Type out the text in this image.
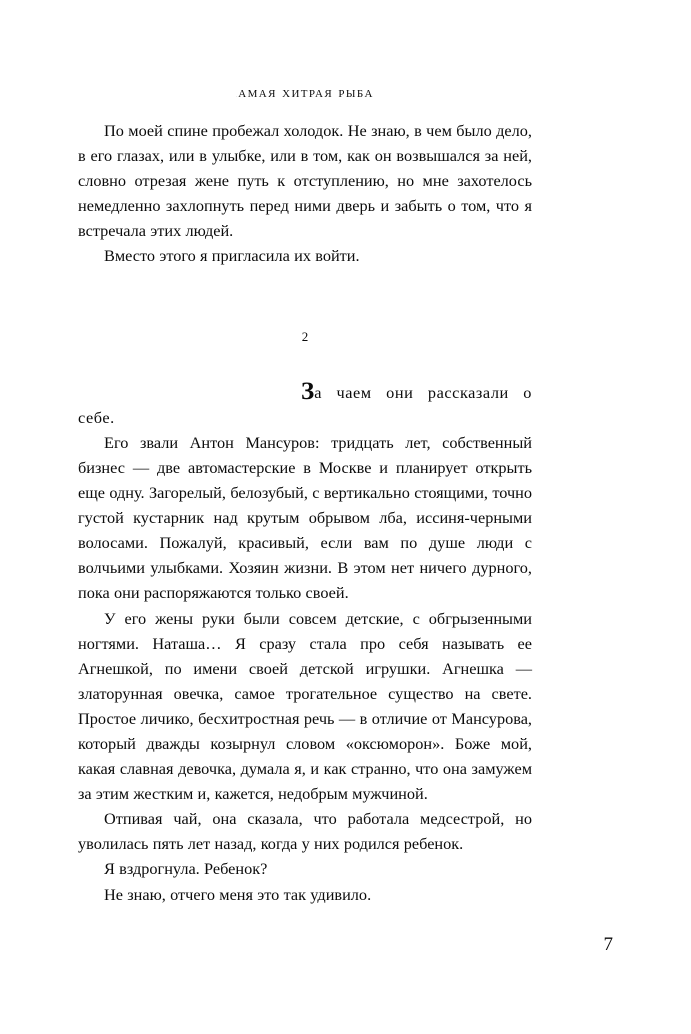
самая хитрая рыба

По моей спине пробежал холодок. Не знаю, в чем было дело, в его глазах, или в улыбке, или в том, как он возвышался за ней, словно отрезая жене путь к отступлению, но мне захотелось немедленно захлопнуть перед ними дверь и забыть о том, что я встречала этих людей.

Вместо этого я пригласила их войти.

2

За чаем они рассказали о себе.

Его звали Антон Мансуров: тридцать лет, собственный бизнес — две автомастерские в Москве и планирует открыть еще одну. Загорелый, белозубый, с вертикально стоящими, точно густой кустарник над крутым обрывом лба, иссиня-черными волосами. Пожалуй, красивый, если вам по душе люди с волчьими улыбками. Хозяин жизни. В этом нет ничего дурного, пока они распоряжаются только своей.

У его жены руки были совсем детские, с обгрызенными ногтями. Наташа… Я сразу стала про себя называть ее Агнешкой, по имени своей детской игрушки. Агнешка — златорунная овечка, самое трогательное существо на свете. Простое личико, бесхитростная речь — в отличие от Мансурова, который дважды козырнул словом «оксюморон». Боже мой, какая славная девочка, думала я, и как странно, что она замужем за этим жестким и, кажется, недобрым мужчиной.

Отпивая чай, она сказала, что работала медсестрой, но уволилась пять лет назад, когда у них родился ребенок.

Я вздрогнула. Ребенок?

Не знаю, отчего меня это так удивило.

7
